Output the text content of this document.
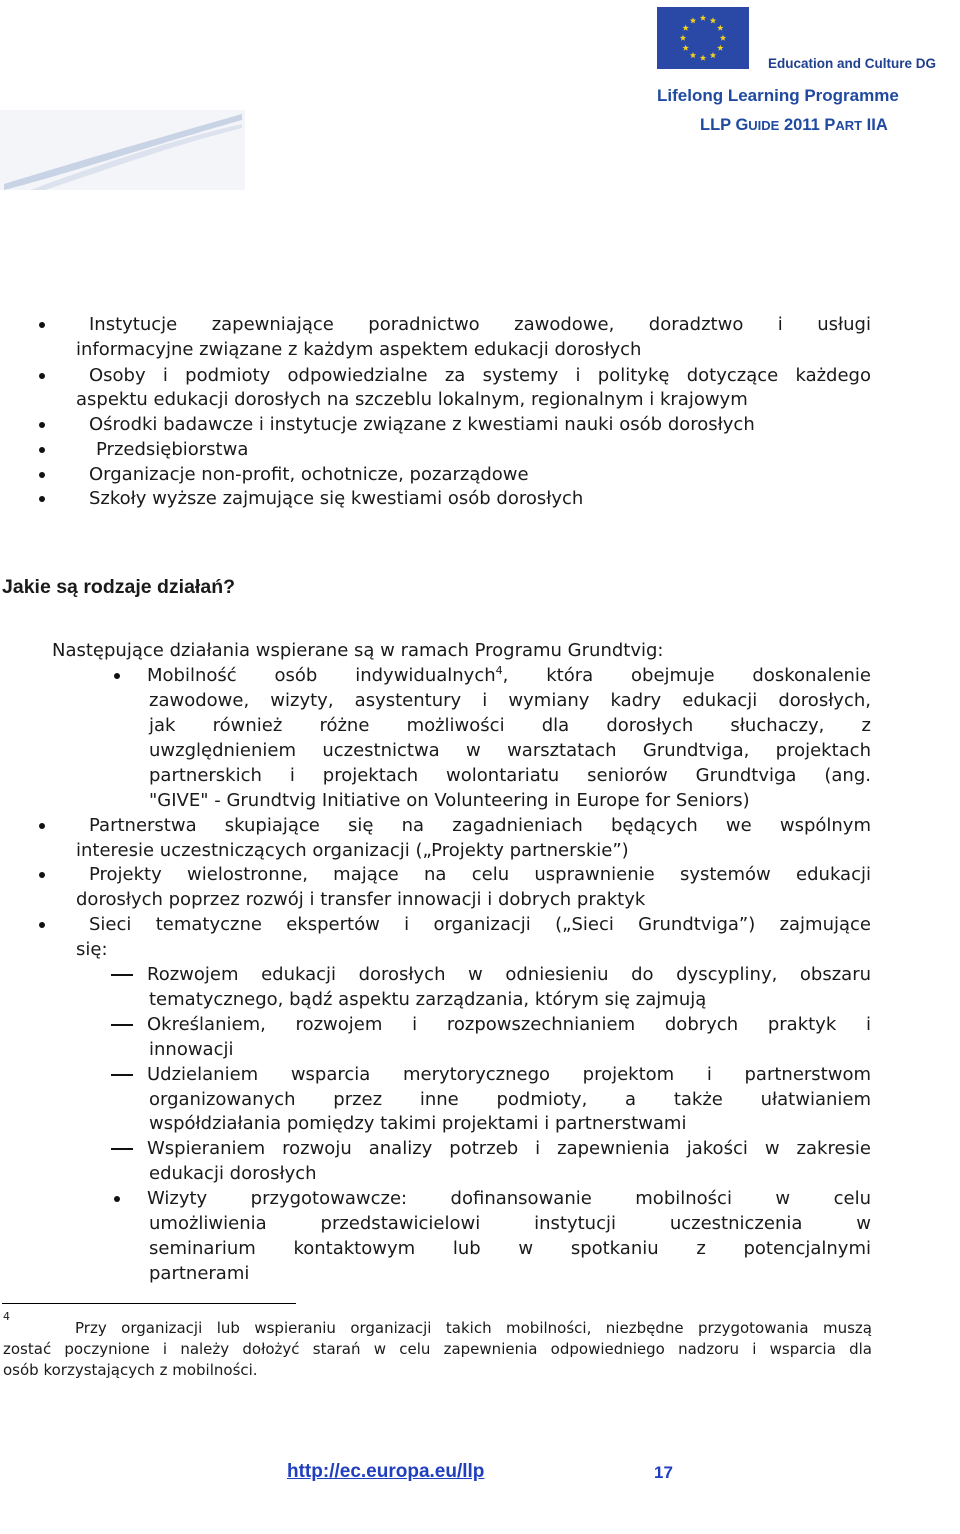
Education and Culture DG
Lifelong Learning Programme
LLP GUIDE 2011 PART IIA
Instytucje zapewniające poradnictwo zawodowe, doradztwo i usługi
informacyjne związane z każdym aspektem edukacji dorosłych
Osoby i podmioty odpowiedzialne za systemy i politykę dotyczące każdego
aspektu edukacji dorosłych na szczeblu lokalnym, regionalnym i krajowym
Ośrodki badawcze i instytucje związane z kwestiami nauki osób dorosłych
Przedsiębiorstwa
Organizacje non-profit, ochotnicze, pozarządowe
Szkoły wyższe zajmujące się kwestiami osób dorosłych
Jakie są rodzaje działań?
Następujące działania wspierane są w ramach Programu Grundtvig:
Mobilność osób indywidualnych$^4$, która obejmuje doskonalenie
zawodowe, wizyty, asystentury i wymiany kadry edukacji dorosłych,
jak również różne możliwości dla dorosłych słuchaczy, z
uwzględnieniem uczestnictwa w warsztatach Grundtviga, projektach
partnerskich i projektach wolontariatu seniorów Grundtviga (ang.
"GIVE" - Grundtvig Initiative on Volunteering in Europe for Seniors)
Partnerstwa skupiające się na zagadnieniach będących we wspólnym
interesie uczestniczących organizacji („Projekty partnerskie”)
Projekty wielostronne, mające na celu usprawnienie systemów edukacji
dorosłych poprzez rozwój i transfer innowacji i dobrych praktyk
Sieci tematyczne ekspertów i organizacji („Sieci Grundtviga”) zajmujące
się:
Rozwojem edukacji dorosłych w odniesieniu do dyscypliny, obszaru
tematycznego, bądź aspektu zarządzania, którym się zajmują
Określaniem, rozwojem i rozpowszechnianiem dobrych praktyk i
innowacji
Udzielaniem wsparcia merytorycznego projektom i partnerstwom
organizowanych przez inne podmioty, a także ułatwianiem
współdziałania pomiędzy takimi projektami i partnerstwami
Wspieraniem rozwoju analizy potrzeb i zapewnienia jakości w zakresie
edukacji dorosłych
Wizyty przygotowawcze: dofinansowanie mobilności w celu
umożliwienia przedstawicielowi instytucji uczestniczenia w
seminarium kontaktowym lub w spotkaniu z potencjalnymi
partnerami
4
Przy organizacji lub wspieraniu organizacji takich mobilności, niezbędne przygotowania muszą
zostać poczynione i należy dołożyć starań w celu zapewnienia odpowiedniego nadzoru i wsparcia dla
osób korzystających z mobilności.
http://ec.europa.eu/llp	17
